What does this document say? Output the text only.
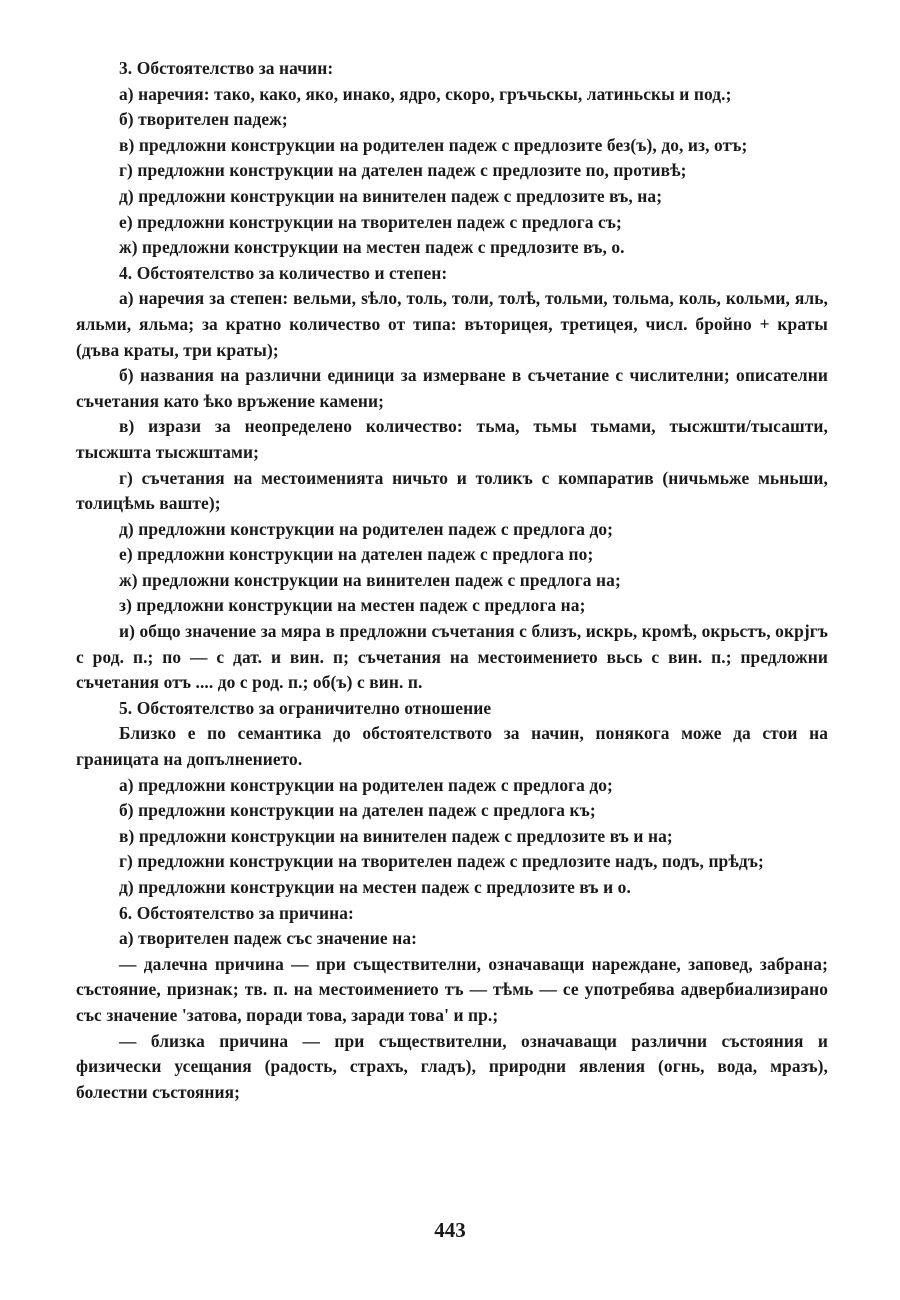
3. Обстоятелство за начин:

а) наречия: тако, како, яко, инако, ядро, скоро, гръчьскы, латиньскы и под.;

б) творителен падеж;

в) предложни конструкции на родителен падеж с предлозите без(ъ), до, из, отъ;

г) предложни конструкции на дателен падеж с предлозите по, противѣ;

д) предложни конструкции на винителен падеж с предлозите въ, на;

е) предложни конструкции на творителен падеж с предлога съ;

ж) предложни конструкции на местен падеж с предлозите въ, о.

4. Обстоятелство за количество и степен:

а) наречия за степен: вельми, ѕѣло, толь, толи, толѣ, тольми, тольма, коль, кольми, яль, яльми, яльма; за кратно количество от типа: въторицея, третицея, числ. бройно + краты (дъва краты, три краты);

б) названия на различни единици за измерване в съчетание с числителни; описателни съчетания като ѣко връжение камени;

в) изрази за неопределено количество: тьма, тьмы тьмами, тысжшти/тысашти, тысжшта тысжштами;

г) съчетания на местоименията ничьто и толикъ с компаратив (ничьмьже мьньши, толицѣмь ваште);

д) предложни конструкции на родителен падеж с предлога до;

е) предложни конструкции на дателен падеж с предлога по;

ж) предложни конструкции на винителен падеж с предлога на;

з) предложни конструкции на местен падеж с предлога на;

и) общо значение за мяра в предложни съчетания с близъ, искрь, кромѣ, окрьстъ, окрjгъ с род. п.; по — с дат. и вин. п; съчетания на местоимението вьсь с вин. п.; предложни съчетания отъ .... до с род. п.; об(ъ) с вин. п.

5. Обстоятелство за ограничително отношение

Близко е по семантика до обстоятелството за начин, понякога може да стои на границата на допълнението.

а) предложни конструкции на родителен падеж с предлога до;

б) предложни конструкции на дателен падеж с предлога къ;

в) предложни конструкции на винителен падеж с предлозите въ и на;

г) предложни конструкции на творителен падеж с предлозите надъ, подъ, прѣдъ;

д) предложни конструкции на местен падеж с предлозите въ и о.

6. Обстоятелство за причина:

а) творителен падеж със значение на:

— далечна причина — при съществителни, означаващи нареждане, заповед, забрана; състояние, признак; тв. п. на местоимението тъ — тѣмь — се употребява адвербиализирано със значение 'затова, поради това, заради това' и пр.;

— близка причина — при съществителни, означаващи различни състояния и физически усещания (радость, страхъ, гладъ), природни явления (огнь, вода, мразъ), болестни състояния;

443
